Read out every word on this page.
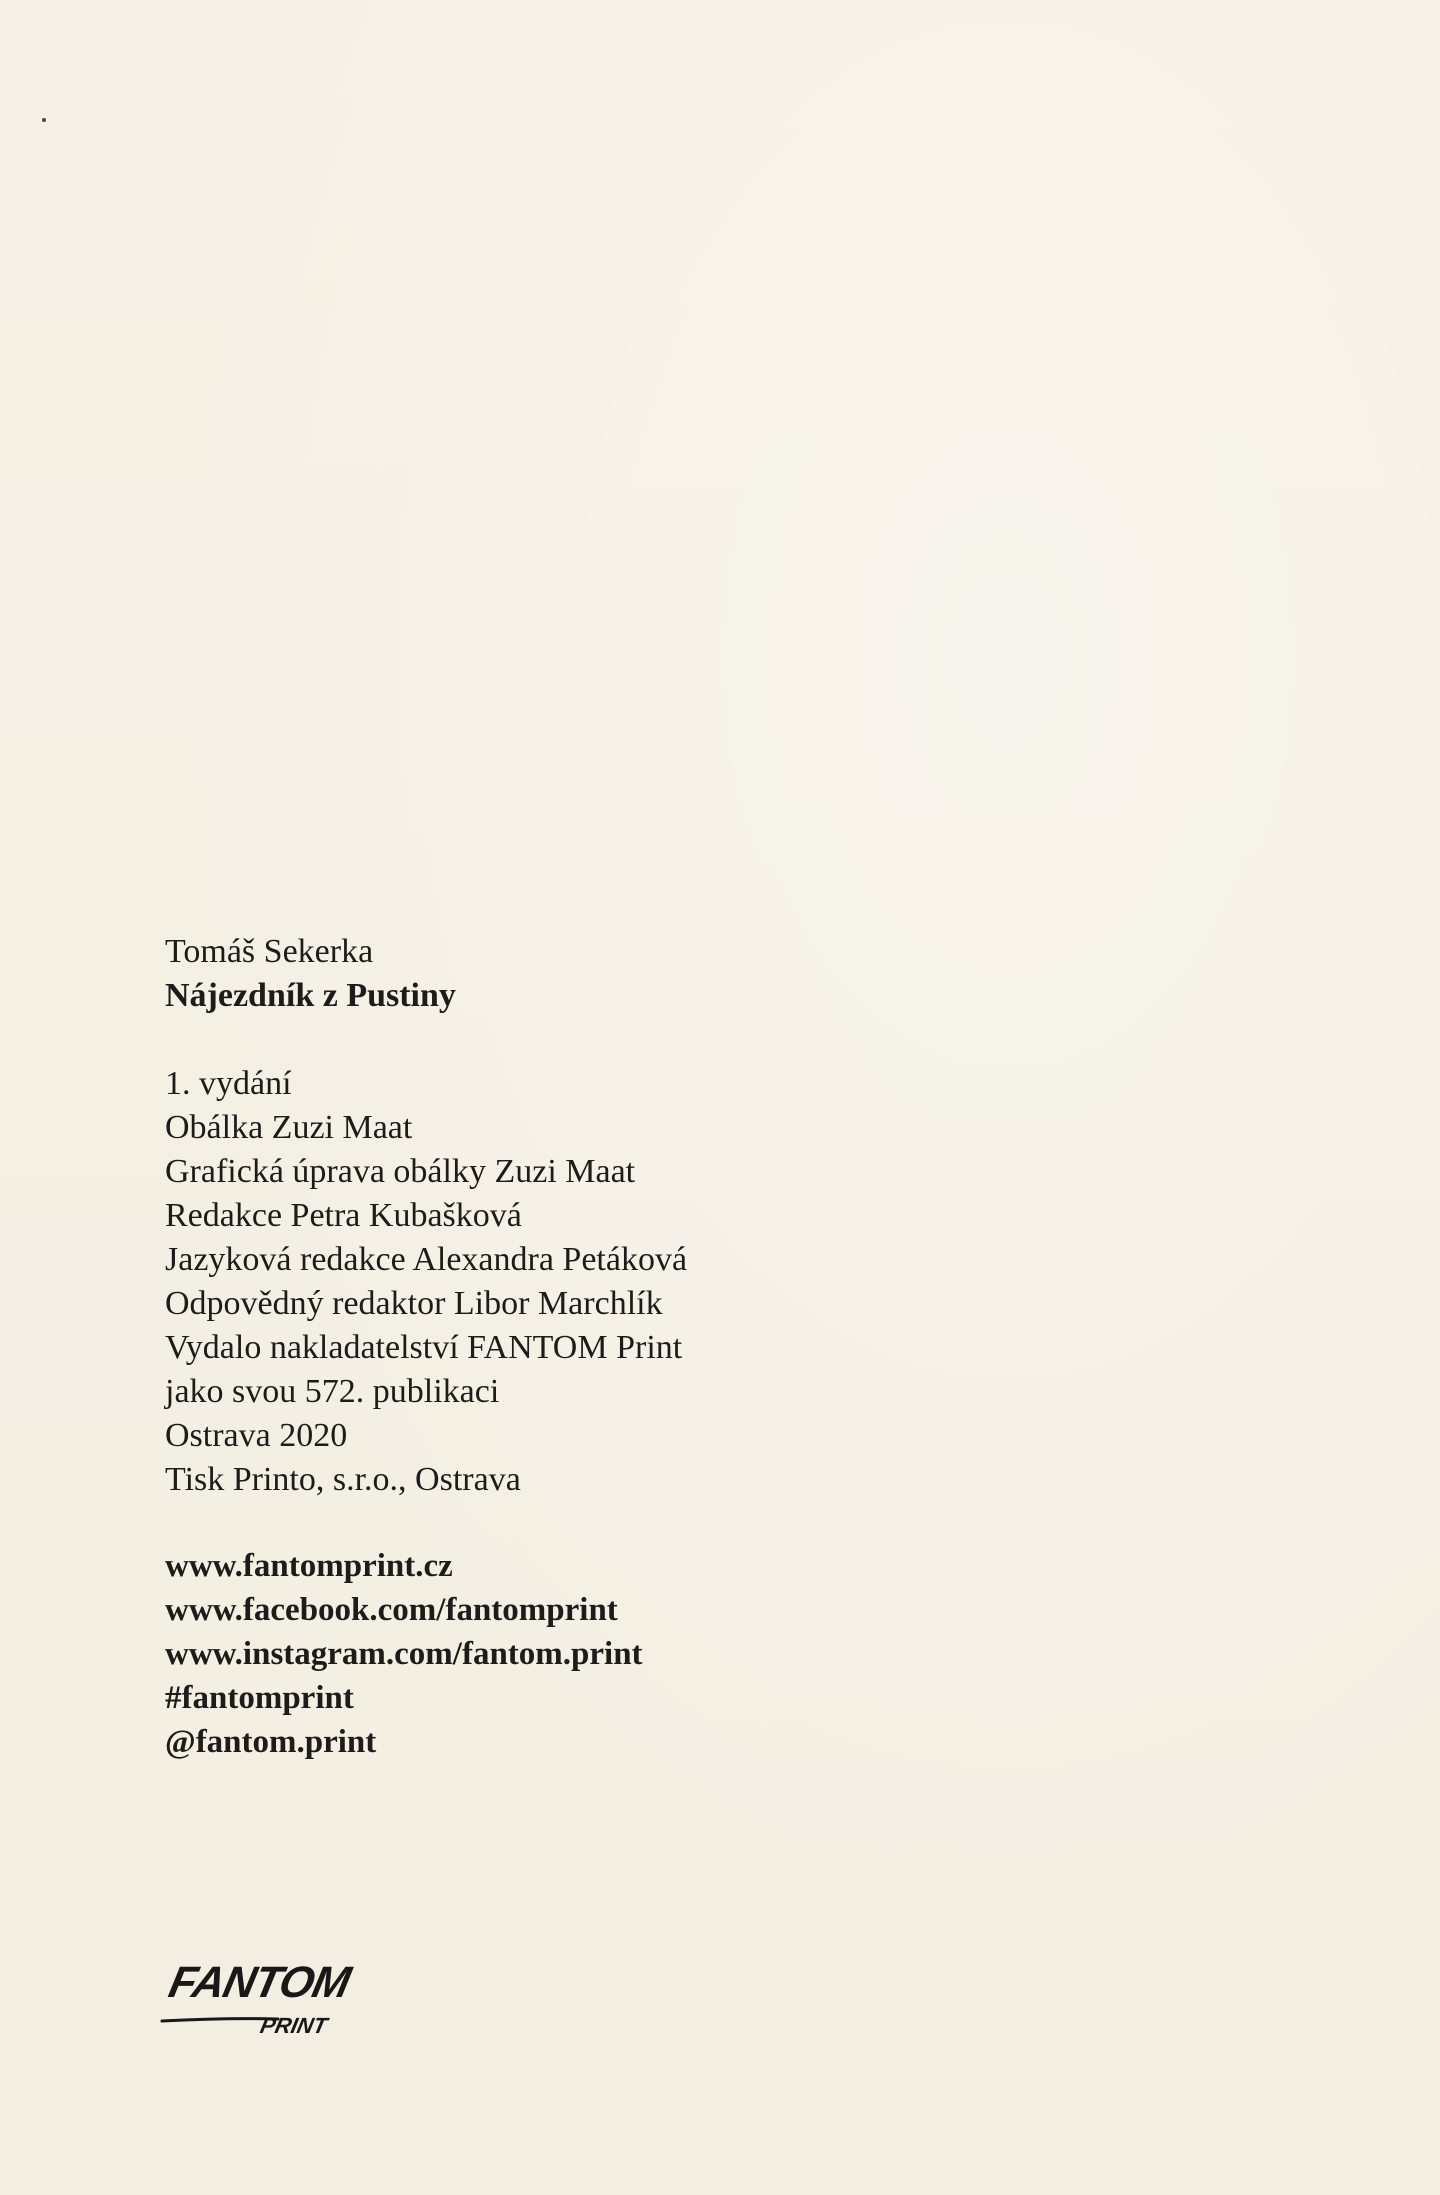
Tomáš Sekerka
Nájezdník z Pustiny
1. vydání
Obálka Zuzi Maat
Grafická úprava obálky Zuzi Maat
Redakce Petra Kubašková
Jazyková redakce Alexandra Petáková
Odpovědný redaktor Libor Marchlík
Vydalo nakladatelství FANTOM Print
jako svou 572. publikaci
Ostrava 2020
Tisk Printo, s.r.o., Ostrava
www.fantomprint.cz
www.facebook.com/fantomprint
www.instagram.com/fantom.print
#fantomprint
@fantom.print
FANTOM
PRINT
